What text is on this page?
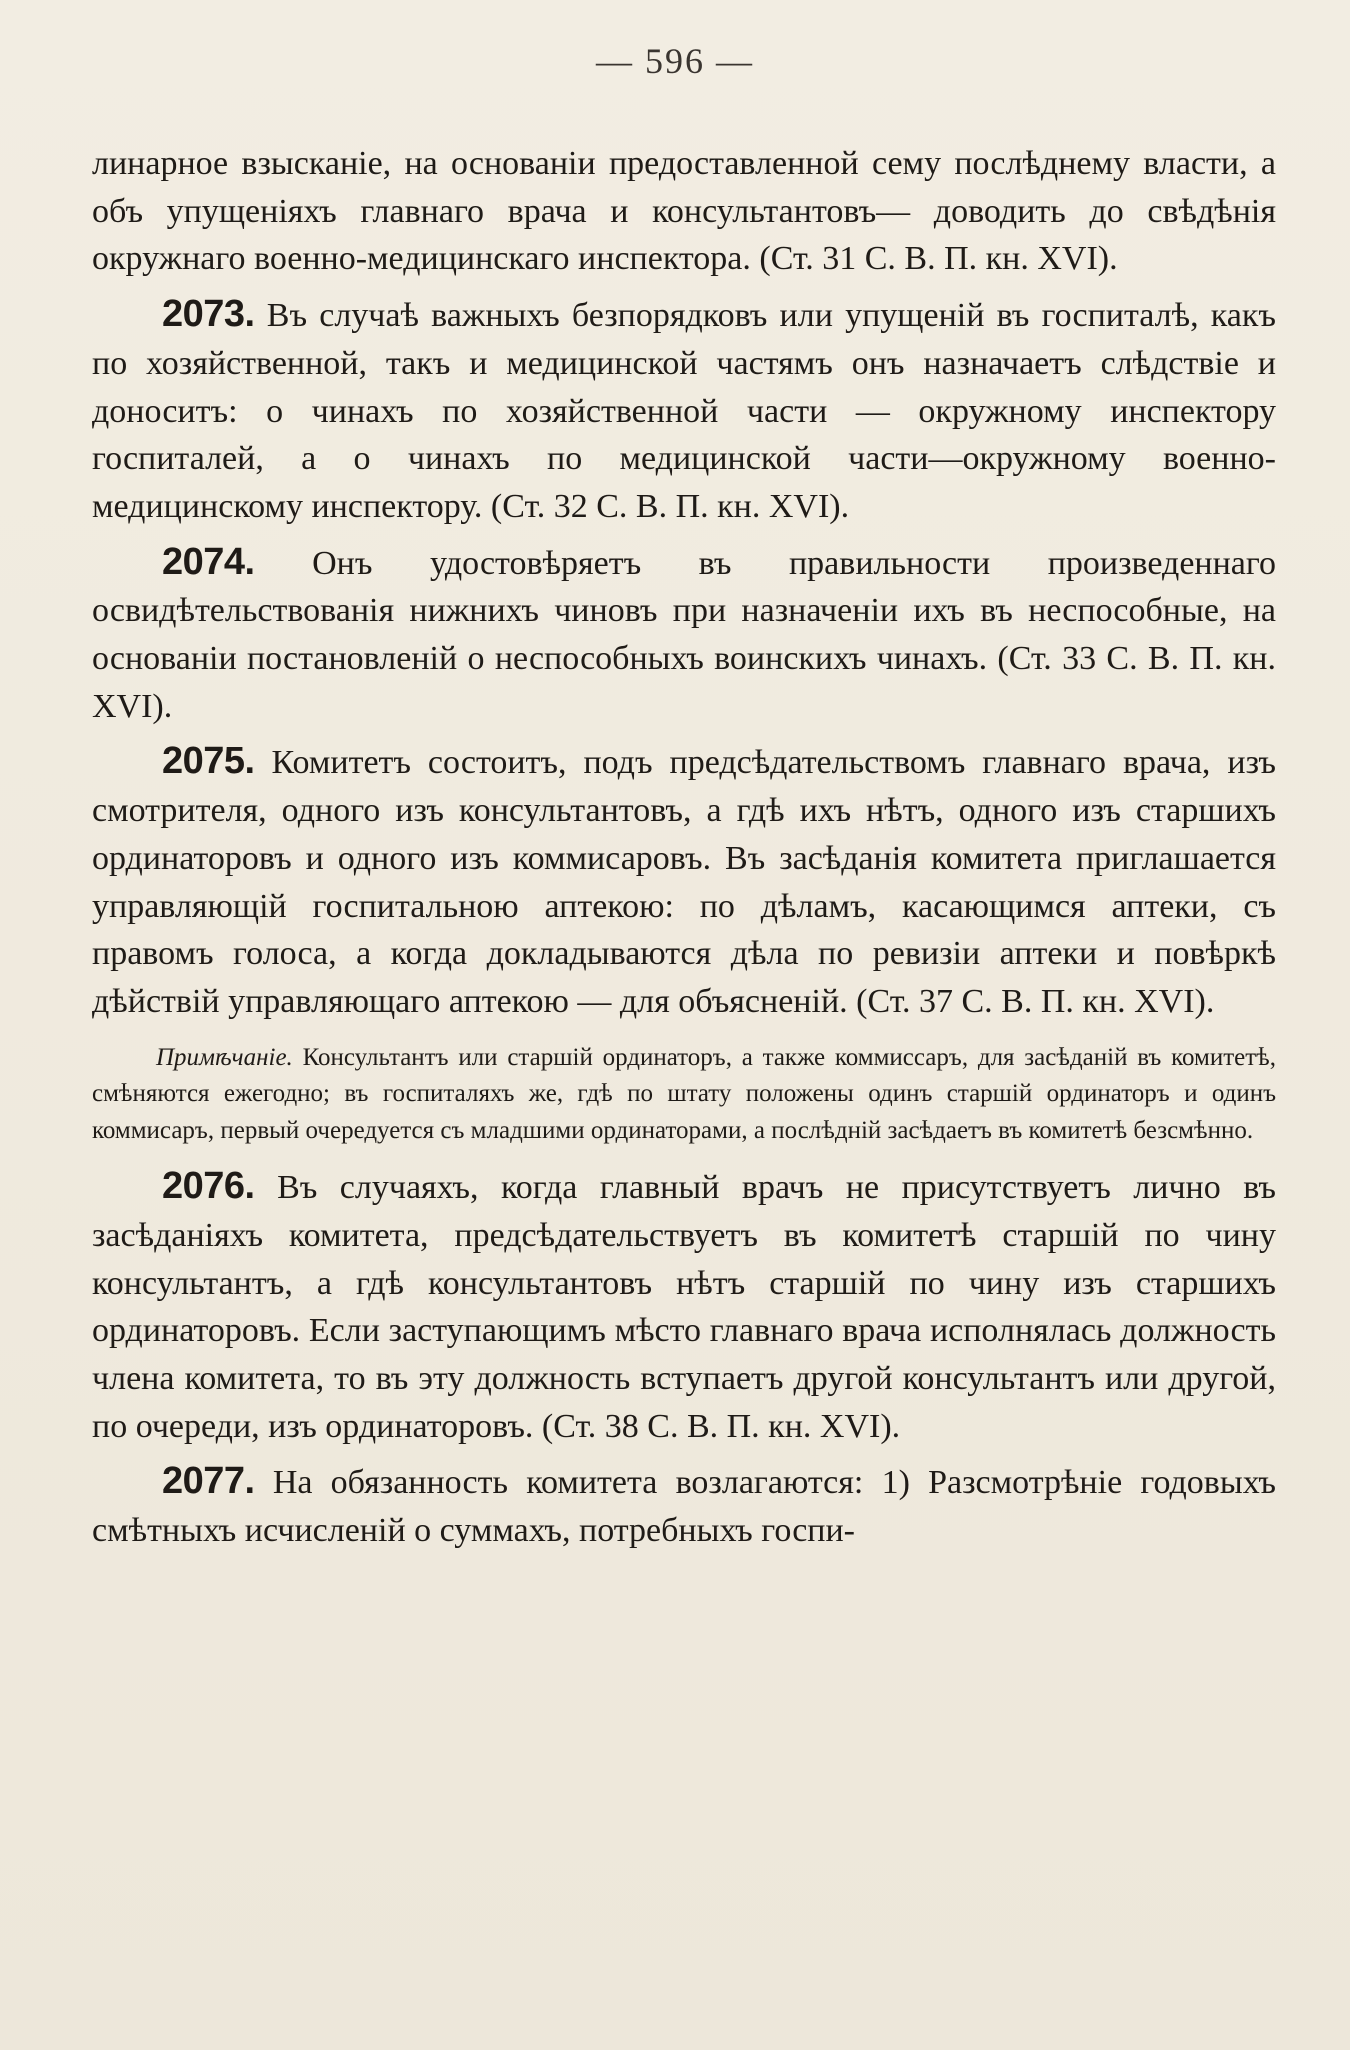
— 596 —

линарное взысканіе, на основаніи предоставленной сему послѣднему власти, а объ упущеніяхъ главнаго врача и консультантовъ— доводить до свѣдѣнія окружнаго военно-медицинскаго инспектора. (Ст. 31 С. В. П. кн. XVI).

2073. Въ случаѣ важныхъ безпорядковъ или упущеній въ госпиталѣ, какъ по хозяйственной, такъ и медицинской частямъ онъ назначаетъ слѣдствіе и доноситъ: о чинахъ по хозяйственной части — окружному инспектору госпиталей, а о чинахъ по медицинской части—окружному военно-медицинскому инспектору. (Ст. 32 С. В. П. кн. XVI).

2074. Онъ удостовѣряетъ въ правильности произведеннаго освидѣтельствованія нижнихъ чиновъ при назначеніи ихъ въ неспособные, на основаніи постановленій о неспособныхъ воинскихъ чинахъ. (Ст. 33 С. В. П. кн. XVI).

2075. Комитетъ состоитъ, подъ предсѣдательствомъ главнаго врача, изъ смотрителя, одного изъ консультантовъ, а гдѣ ихъ нѣтъ, одного изъ старшихъ ординаторовъ и одного изъ коммисаровъ. Въ засѣданія комитета приглашается управляющій госпитальною аптекою: по дѣламъ, касающимся аптеки, съ правомъ голоса, а когда докладываются дѣла по ревизіи аптеки и повѣркѣ дѣйствій управляющаго аптекою — для объясненій. (Ст. 37 С. В. П. кн. XVI).

Примѣчаніе. Консультантъ или старшій ординаторъ, а также коммиссаръ, для засѣданій въ комитетѣ, смѣняются ежегодно; въ госпиталяхъ же, гдѣ по штату положены одинъ старшій ординаторъ и одинъ коммисаръ, первый очередуется съ младшими ординаторами, а послѣдній засѣдаетъ въ комитетѣ безсмѣнно.

2076. Въ случаяхъ, когда главный врачъ не присутствуетъ лично въ засѣданіяхъ комитета, предсѣдательствуетъ въ комитетѣ старшій по чину консультантъ, а гдѣ консультантовъ нѣтъ старшій по чину изъ старшихъ ординаторовъ. Если заступающимъ мѣсто главнаго врача исполнялась должность члена комитета, то въ эту должность вступаетъ другой консультантъ или другой, по очереди, изъ ординаторовъ. (Ст. 38 С. В. П. кн. XVI).

2077. На обязанность комитета возлагаются: 1) Разсмотрѣніе годовыхъ смѣтныхъ исчисленій о суммахъ, потребныхъ госпи-
